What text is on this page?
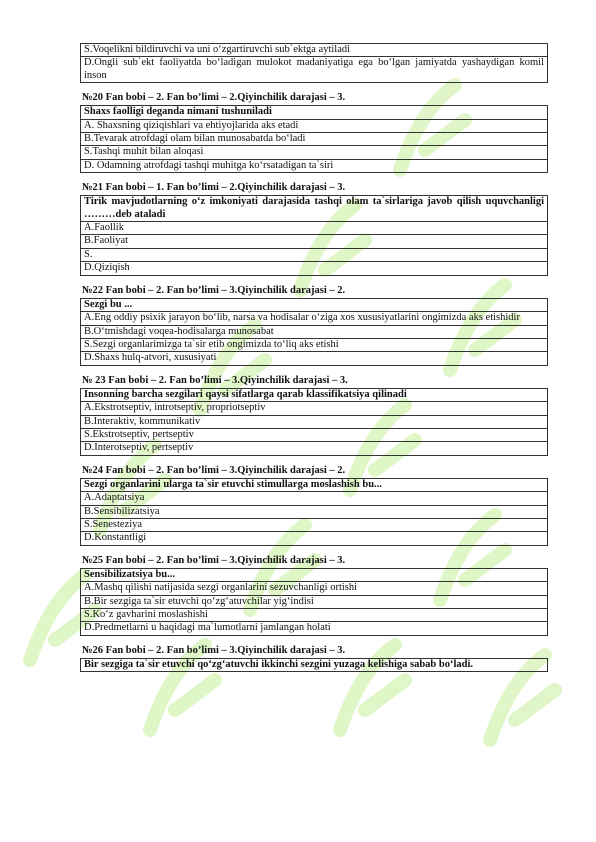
S.Voqelikni bildiruvchi va uni o‘zgartiruvchi sub`ektga aytiladi
D.Ongli sub`ekt faoliyatda bo‘ladigan mulokot madaniyatiga ega bo‘lgan jamiyatda yashaydigan komil inson
№20 Fan bobi – 2. Fan bo’limi – 2.Qiyinchilik darajasi – 3.
Shaxs faolligi deganda nimani tushuniladi
A. Shaxsning qiziqishlari va ehtiyojlarida aks etadi
B.Tevarak atrofdagi olam bilan munosabatda bo‘ladi
S.Tashqi muhit bilan aloqasi
D. Odamning atrofdagi tashqi muhitga ko‘rsatadigan ta`siri
№21 Fan bobi – 1. Fan bo’limi – 2.Qiyinchilik darajasi – 3.
Tirik mavjudotlarning o‘z imkoniyati darajasida tashqi olam ta`sirlariga javob qilish uquvchanligi ………deb ataladi
A.Faollik
B.Faoliyat
S.
D.Qiziqish
№22 Fan bobi – 2. Fan bo’limi – 3.Qiyinchilik darajasi – 2.
Sezgi bu ...
A.Eng oddiy psixik jarayon bo‘lib, narsa va hodisalar o‘ziga xos xususiyatlarini ongimizda aks etishidir
B.O‘tmishdagi voqea-hodisalarga munosabat
S.Sezgi organlarimizga ta`sir etib ongimizda to‘liq aks etishi
D.Shaxs hulq-atvori, xususiyati
№ 23 Fan bobi – 2. Fan bo’limi – 3.Qiyinchilik darajasi – 3.
Insonning barcha sezgilari qaysi sifatlarga qarab klassifikatsiya qilinadi
A.Ekstrotseptiv, introtseptiv, propriotseptiv
B.Interaktiv, kommunikativ
S.Ekstrotseptiv, pertseptiv
D.Interotseptiv, pertseptiv
№24 Fan bobi – 2. Fan bo’limi – 3.Qiyinchilik darajasi – 2.
Sezgi organlarini ularga ta`sir etuvchi stimullarga moslashish bu...
A.Adaptatsiya
B.Sensibilizatsiya
S.Senesteziya
D.Konstantligi
№25 Fan bobi – 2. Fan bo’limi – 3.Qiyinchilik darajasi – 3.
Sensibilizatsiya bu...
A.Mashq qilishi natijasida sezgi organlarini sezuvchanligi ortishi
B.Bir sezgiga ta`sir etuvchi qo‘zg‘atuvchilar yig‘indisi
S.Ko‘z gavharini moslashishi
D.Predmetlarni u haqidagi ma`lumotlarni jamlangan holati
№26 Fan bobi – 2. Fan bo’limi – 3.Qiyinchilik darajasi – 3.
Bir sezgiga ta`sir etuvchi qo‘zg‘atuvchi ikkinchi sezgini yuzaga kelishiga sabab bo‘ladi.
